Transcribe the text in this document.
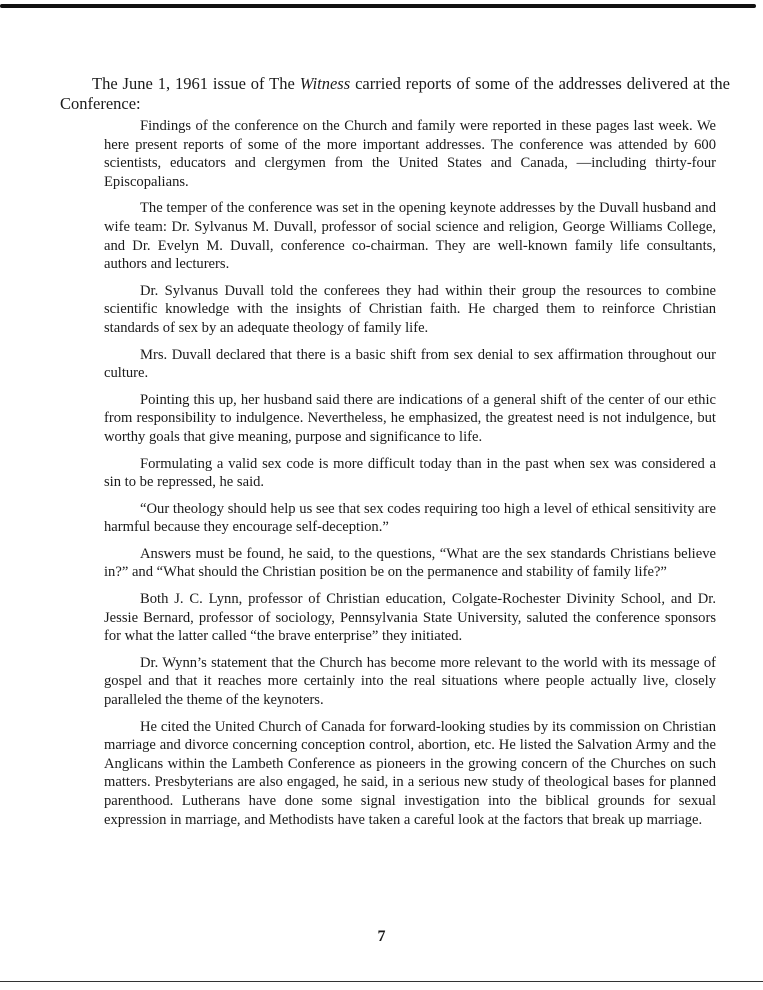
The June 1, 1961 issue of The Witness carried reports of some of the addresses delivered at the Conference:

Findings of the conference on the Church and family were reported in these pages last week. We here present reports of some of the more important addresses. The conference was attended by 600 scientists, educators and clergymen from the United States and Canada, —including thirty-four Episcopalians.

The temper of the conference was set in the opening keynote addresses by the Duvall husband and wife team: Dr. Sylvanus M. Duvall, professor of social science and religion, George Williams College, and Dr. Evelyn M. Duvall, conference co-chairman. They are well-known family life consultants, authors and lecturers.

Dr. Sylvanus Duvall told the conferees they had within their group the resources to combine scientific knowledge with the insights of Christian faith. He charged them to reinforce Christian standards of sex by an adequate theology of family life.

Mrs. Duvall declared that there is a basic shift from sex denial to sex affirmation throughout our culture.

Pointing this up, her husband said there are indications of a general shift of the center of our ethic from responsibility to indulgence. Nevertheless, he emphasized, the greatest need is not indulgence, but worthy goals that give meaning, purpose and significance to life.

Formulating a valid sex code is more difficult today than in the past when sex was considered a sin to be repressed, he said.

“Our theology should help us see that sex codes requiring too high a level of ethical sensitivity are harmful because they encourage self-deception.”

Answers must be found, he said, to the questions, “What are the sex standards Christians believe in?” and “What should the Christian position be on the permanence and stability of family life?”

Both J. C. Lynn, professor of Christian education, Colgate-Rochester Divinity School, and Dr. Jessie Bernard, professor of sociology, Pennsylvania State University, saluted the conference sponsors for what the latter called “the brave enterprise” they initiated.

Dr. Wynn’s statement that the Church has become more relevant to the world with its message of gospel and that it reaches more certainly into the real situations where people actually live, closely paralleled the theme of the keynoters.

He cited the United Church of Canada for forward-looking studies by its commission on Christian marriage and divorce concerning conception control, abortion, etc. He listed the Salvation Army and the Anglicans within the Lambeth Conference as pioneers in the growing concern of the Churches on such matters. Presbyterians are also engaged, he said, in a serious new study of theological bases for planned parenthood. Lutherans have done some signal investigation into the biblical grounds for sexual expression in marriage, and Methodists have taken a careful look at the factors that break up marriage.

7
